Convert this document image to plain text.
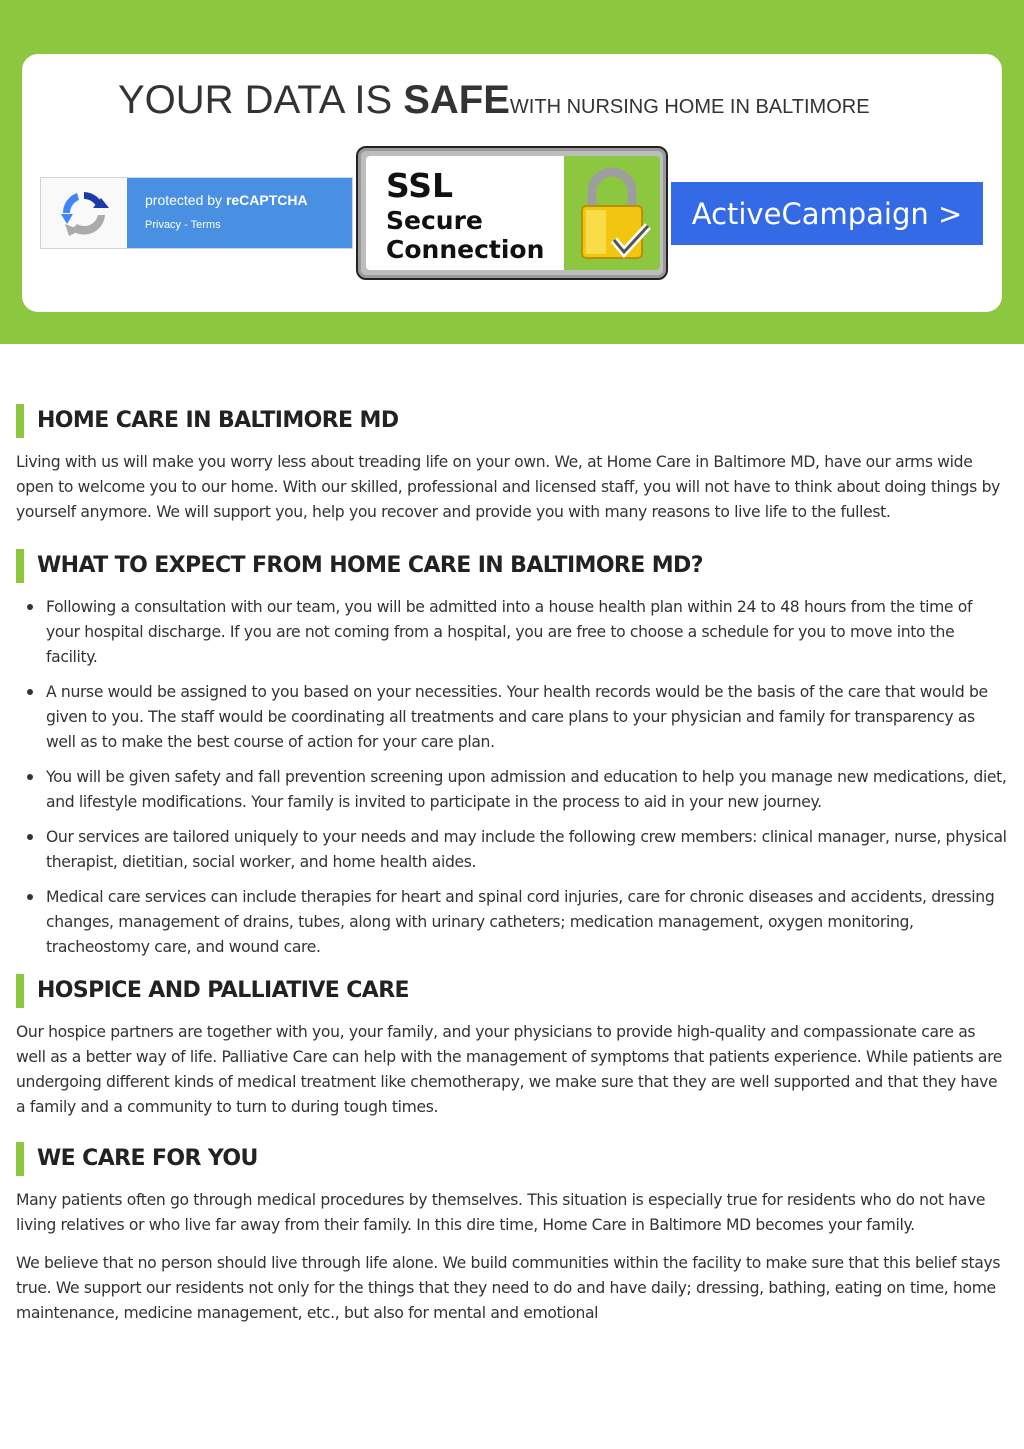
YOUR DATA IS SAFEWITH NURSING HOME IN BALTIMORE
protected by reCAPTCHA
Privacy - Terms
SSL
Secure
Connection
ActiveCampaign >
HOME CARE IN BALTIMORE MD

Living with us will make you worry less about treading life on your own. We, at Home Care in Baltimore MD, have our arms wide open to welcome you to our home. With our skilled, professional and licensed staff, you will not have to think about doing things by yourself anymore. We will support you, help you recover and provide you with many reasons to live life to the fullest.

WHAT TO EXPECT FROM HOME CARE IN BALTIMORE MD?
Following a consultation with our team, you will be admitted into a house health plan within 24 to 48 hours from the time of your hospital discharge. If you are not coming from a hospital, you are free to choose a schedule for you to move into the facility.
A nurse would be assigned to you based on your necessities. Your health records would be the basis of the care that would be given to you. The staff would be coordinating all treatments and care plans to your physician and family for transparency as well as to make the best course of action for your care plan.
You will be given safety and fall prevention screening upon admission and education to help you manage new medications, diet, and lifestyle modifications. Your family is invited to participate in the process to aid in your new journey.
Our services are tailored uniquely to your needs and may include the following crew members: clinical manager, nurse, physical therapist, dietitian, social worker, and home health aides.
Medical care services can include therapies for heart and spinal cord injuries, care for chronic diseases and accidents, dressing changes, management of drains, tubes, along with urinary catheters; medication management, oxygen monitoring, tracheostomy care, and wound care.
HOSPICE AND PALLIATIVE CARE

Our hospice partners are together with you, your family, and your physicians to provide high-quality and compassionate care as well as a better way of life. Palliative Care can help with the management of symptoms that patients experience. While patients are undergoing different kinds of medical treatment like chemotherapy, we make sure that they are well supported and that they have a family and a community to turn to during tough times.

WE CARE FOR YOU

Many patients often go through medical procedures by themselves. This situation is especially true for residents who do not have living relatives or who live far away from their family. In this dire time, Home Care in Baltimore MD becomes your family.

We believe that no person should live through life alone. We build communities within the facility to make sure that this belief stays true. We support our residents not only for the things that they need to do and have daily; dressing, bathing, eating on time, home maintenance, medicine management, etc., but also for mental and emotional
